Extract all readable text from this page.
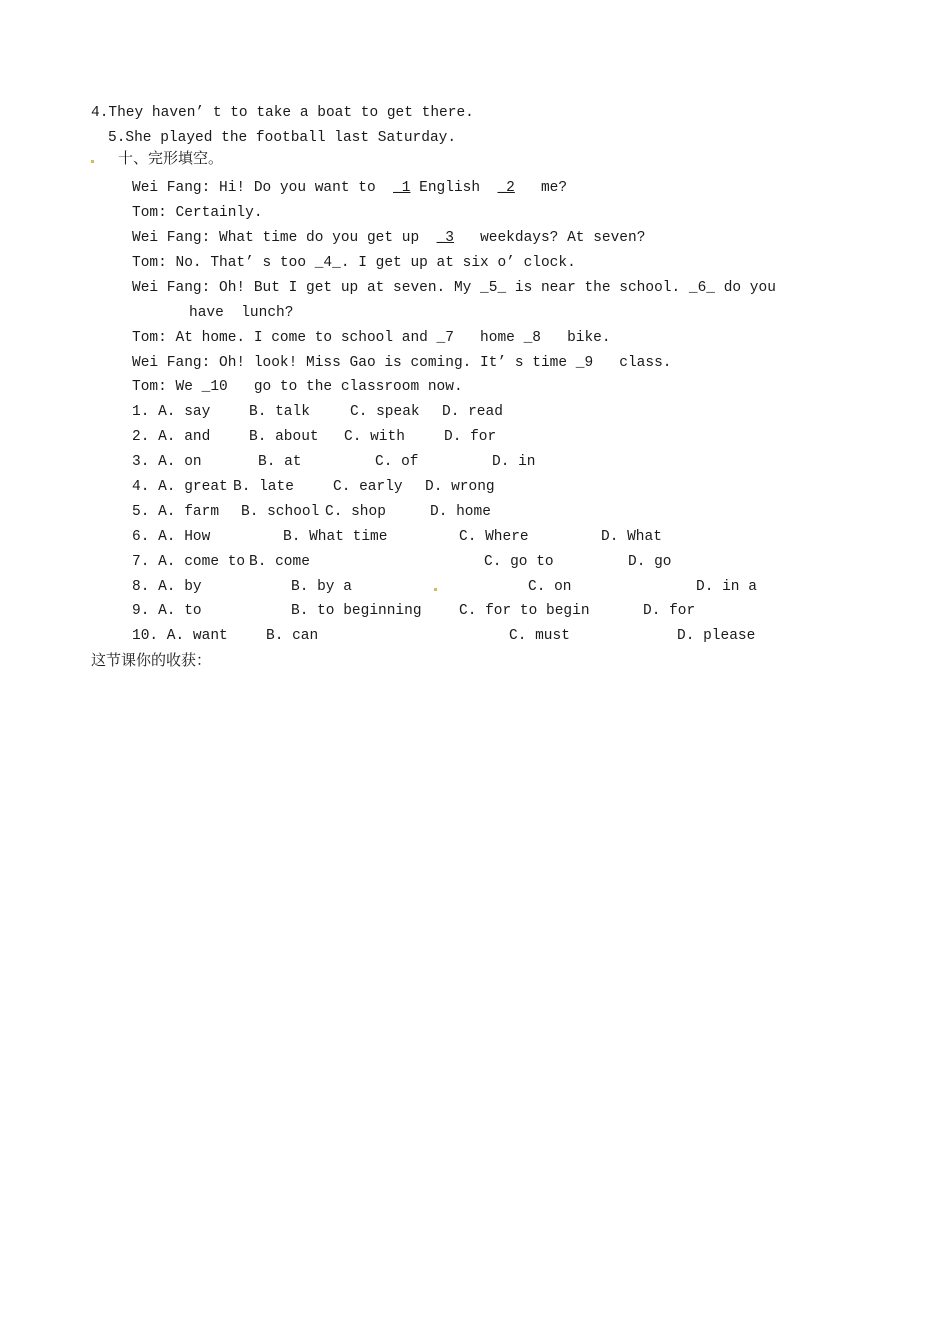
4.They haven’ t to take a boat to get there.
5.She played the football last Saturday.
十、完形填空。
Wei Fang: Hi! Do you want to  _1 English  _2   me?
Tom: Certainly.
Wei Fang: What time do you get up  _3   weekdays? At seven?
Tom: No. That’ s too _4_. I get up at six o’ clock.
Wei Fang: Oh! But I get up at seven. My _5_ is near the school. _6_ do you
have  lunch?
Tom: At home. I come to school and _7   home _8   bike.
Wei Fang: Oh! look! Miss Gao is coming. It’ s time _9   class.
Tom: We _10   go to the classroom now.
1. A. say	B. talk	C. speak D. read
2. A. and	B. about C. with	D. for
3. A. on	B. at	C. of	D. in
4. A. great B. late	C. early D. wrong
5. A. farm B. school C. shop	D. home
6. A. How	B. What time	C. Where	D. What
7. A. come to B. come	C. go to	D. go
8. A. by	B. by a	C. on	D. in a
9. A. to	B. to beginning	C. for to begin	D. for
10. A. want	B. can	C. must	D. please
这节课你的收获：
